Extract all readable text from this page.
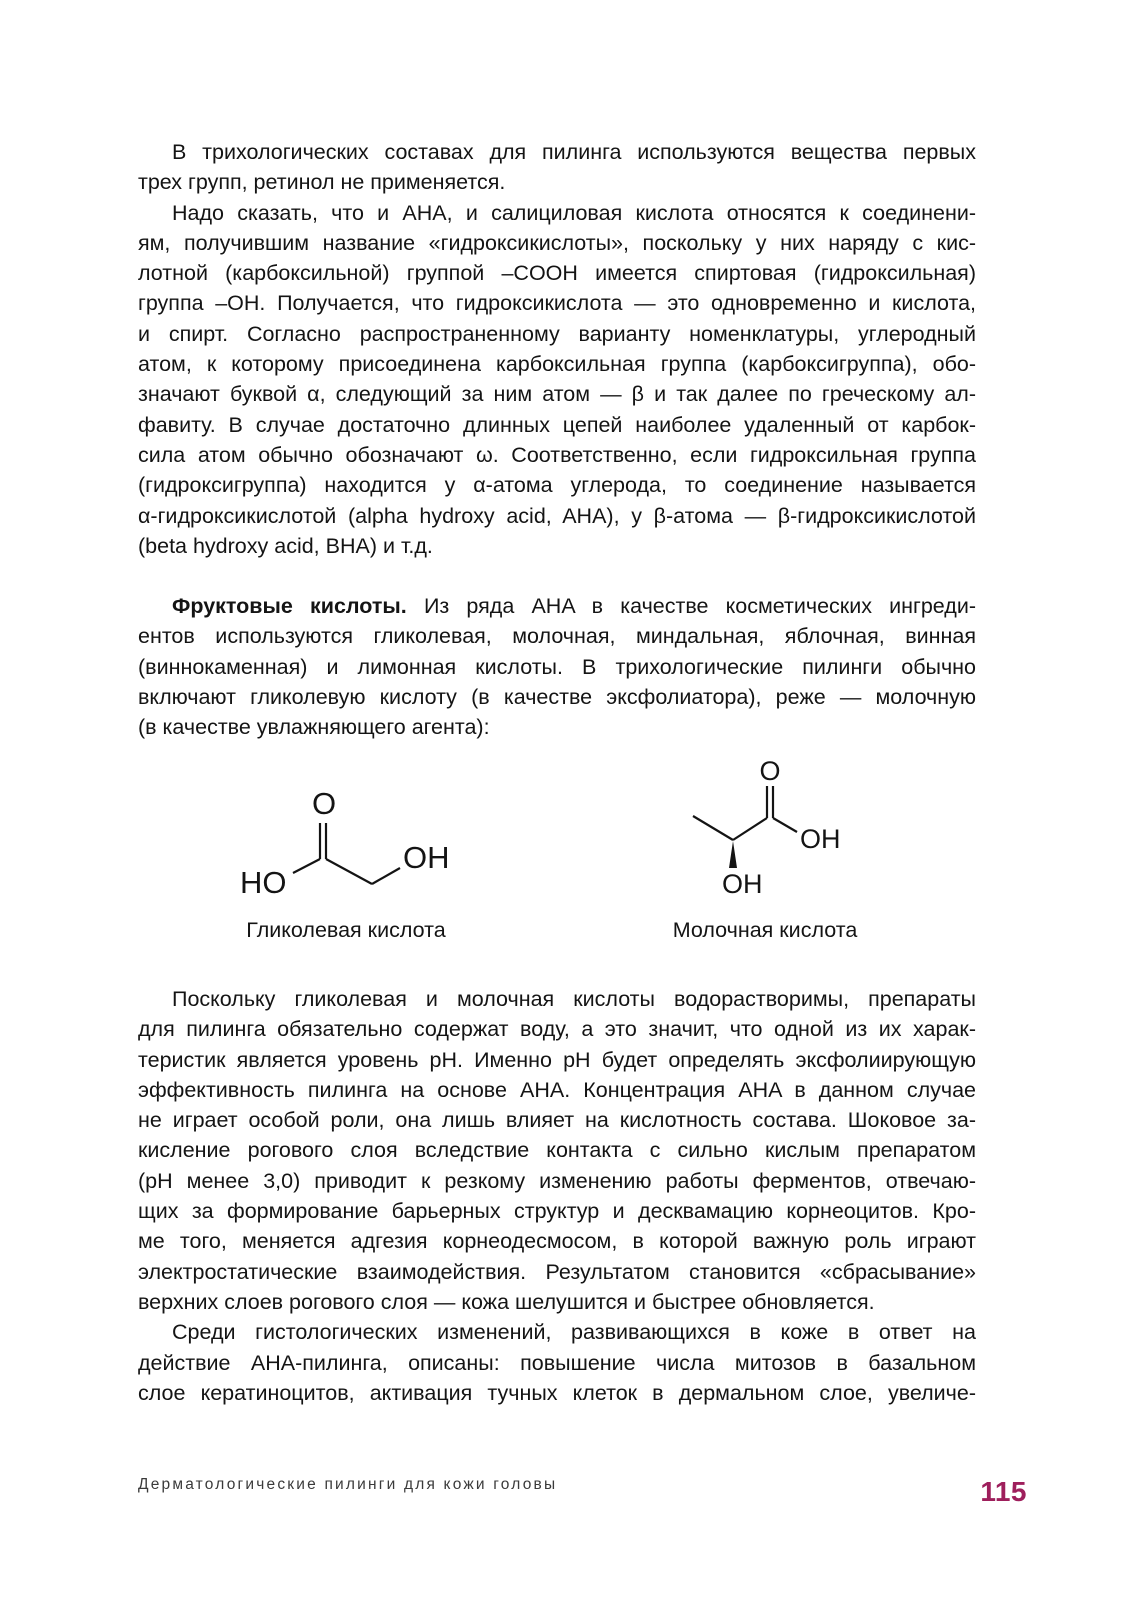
В трихологических составах для пилинга используются вещества первых
трех групп, ретинол не применяется.
Надо сказать, что и AHA, и салициловая кислота относятся к соединени-
ям, получившим название «гидроксикислоты», поскольку у них наряду с кис-
лотной (карбоксильной) группой –COOH имеется спиртовая (гидроксильная)
группа –OH. Получается, что гидроксикислота — это одновременно и кислота,
и спирт. Согласно распространенному варианту номенклатуры, углеродный
атом, к которому присоединена карбоксильная группа (карбоксигруппа), обо-
значают буквой α, следующий за ним атом — β и так далее по греческому ал-
фавиту. В случае достаточно длинных цепей наиболее удаленный от карбок-
сила атом обычно обозначают ω. Соответственно, если гидроксильная группа
(гидроксигруппа) находится у α-атома углерода, то соединение называется
α-гидроксикислотой (alpha hydroxy acid, AHA), у β-атома — β-гидроксикислотой
(beta hydroxy acid, BHA) и т.д.
Фруктовые кислоты. Из ряда AHA в качестве косметических ингреди-
ентов используются гликолевая, молочная, миндальная, яблочная, винная
(виннокаменная) и лимонная кислоты. В трихологические пилинги обычно
включают гликолевую кислоту (в качестве эксфолиатора), реже — молочную
(в качестве увлажняющего агента):
O
HO
OH
Гликолевая кислота
O
OH
OH
Молочная кислота
Поскольку гликолевая и молочная кислоты водорастворимы, препараты
для пилинга обязательно содержат воду, а это значит, что одной из их харак-
теристик является уровень pH. Именно pH будет определять эксфолиирующую
эффективность пилинга на основе AHA. Концентрация AHA в данном случае
не играет особой роли, она лишь влияет на кислотность состава. Шоковое за-
кисление рогового слоя вследствие контакта с сильно кислым препаратом
(pH менее 3,0) приводит к резкому изменению работы ферментов, отвечаю-
щих за формирование барьерных структур и десквамацию корнеоцитов. Кро-
ме того, меняется адгезия корнеодесмосом, в которой важную роль играют
электростатические взаимодействия. Результатом становится «сбрасывание»
верхних слоев рогового слоя — кожа шелушится и быстрее обновляется.
Среди гистологических изменений, развивающихся в коже в ответ на
действие AHA-пилинга, описаны: повышение числа митозов в базальном
слое кератиноцитов, активация тучных клеток в дермальном слое, увеличе-
Дерматологические пилинги для кожи головы	115
